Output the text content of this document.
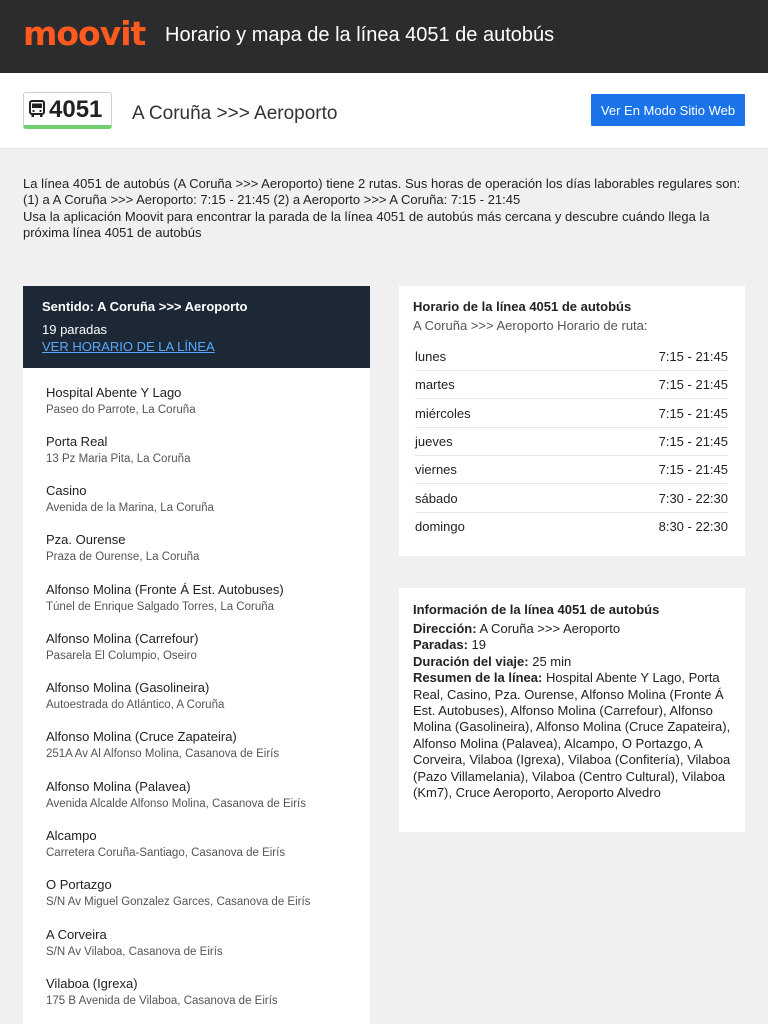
moovit Horario y mapa de la línea 4051 de autobús
4051 A Coruña >>> Aeroporto	Ver En Modo Sitio Web
La línea 4051 de autobús (A Coruña >>> Aeroporto) tiene 2 rutas. Sus horas de operación los días laborables regulares son:
(1) a A Coruña >>> Aeroporto: 7:15 - 21:45 (2) a Aeroporto >>> A Coruña: 7:15 - 21:45
Usa la aplicación Moovit para encontrar la parada de la línea 4051 de autobús más cercana y descubre cuándo llega la próxima línea 4051 de autobús
Sentido: A Coruña >>> Aeroporto
19 paradas
VER HORARIO DE LA LÍNEA
Hospital Abente Y Lago
Paseo do Parrote, La Coruña
Porta Real
13 Pz Maria Pita, La Coruña
Casino
Avenida de la Marina, La Coruña
Pza. Ourense
Praza de Ourense, La Coruña
Alfonso Molina (Fronte Á Est. Autobuses)
Túnel de Enrique Salgado Torres, La Coruña
Alfonso Molina (Carrefour)
Pasarela El Columpio, Oseiro
Alfonso Molina (Gasolineira)
Autoestrada do Atlántico, A Coruña
Alfonso Molina (Cruce Zapateira)
251A Av Al Alfonso Molina, Casanova de Eirís
Alfonso Molina (Palavea)
Avenida Alcalde Alfonso Molina, Casanova de Eirís
Alcampo
Carretera Coruña-Santiago, Casanova de Eirís
O Portazgo
S/N Av Miguel Gonzalez Garces, Casanova de Eirís
A Corveira
S/N Av Vilaboa, Casanova de Eirís
Vilaboa (Igrexa)
175 B Avenida de Vilaboa, Casanova de Eirís
Horario de la línea 4051 de autobús
A Coruña >>> Aeroporto Horario de ruta:
lunes	7:15 - 21:45
martes	7:15 - 21:45
miércoles	7:15 - 21:45
jueves	7:15 - 21:45
viernes	7:15 - 21:45
sábado	7:30 - 22:30
domingo	8:30 - 22:30
Información de la línea 4051 de autobús
Dirección: A Coruña >>> Aeroporto
Paradas: 19
Duración del viaje: 25 min
Resumen de la línea: Hospital Abente Y Lago, Porta Real, Casino, Pza. Ourense, Alfonso Molina (Fronte Á Est. Autobuses), Alfonso Molina (Carrefour), Alfonso Molina (Gasolineira), Alfonso Molina (Cruce Zapateira), Alfonso Molina (Palavea), Alcampo, O Portazgo, A Corveira, Vilaboa (Igrexa), Vilaboa (Confitería), Vilaboa (Pazo Villamelania), Vilaboa (Centro Cultural), Vilaboa (Km7), Cruce Aeroporto, Aeroporto Alvedro
